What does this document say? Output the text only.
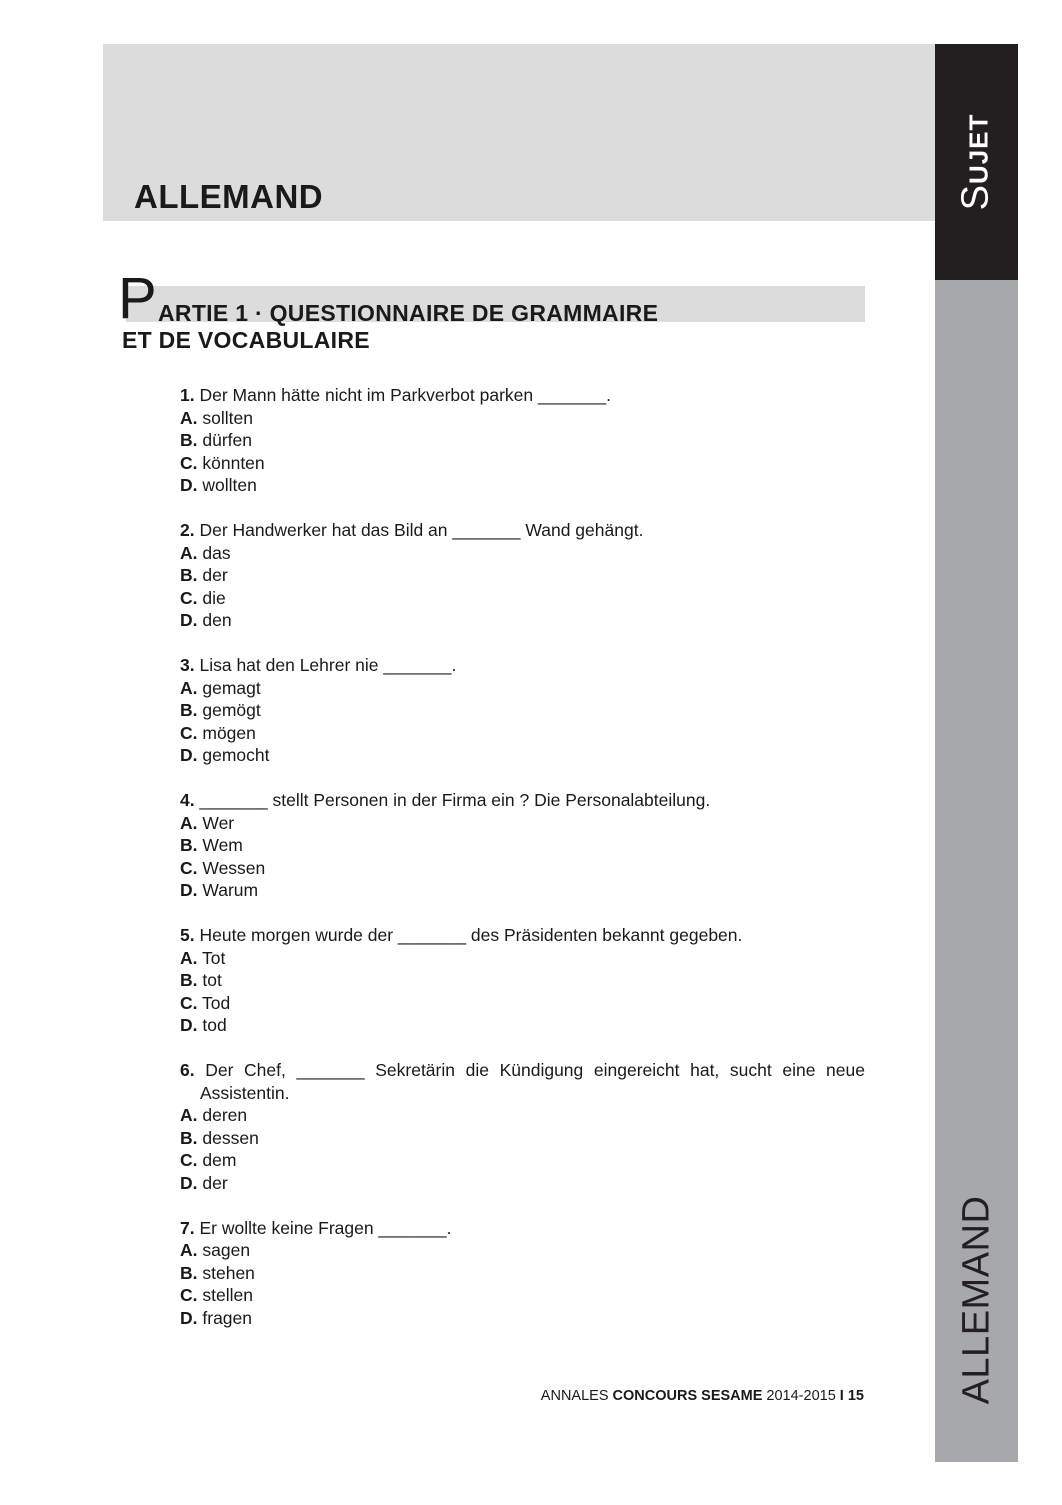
ALLEMAND	SUJET
ALLEMAND
P ARTIE 1 · QUESTIONNAIRE DE GRAMMAIRE
ET DE VOCABULAIRE
1. Der Mann hätte nicht im Parkverbot parken _______.
A. sollten
B. dürfen
C. könnten
D. wollten
2. Der Handwerker hat das Bild an _______ Wand gehängt.
A. das
B. der
C. die
D. den
3. Lisa hat den Lehrer nie _______.
A. gemagt
B. gemögt
C. mögen
D. gemocht
4. _______ stellt Personen in der Firma ein ? Die Personalabteilung.
A. Wer
B. Wem
C. Wessen
D. Warum
5. Heute morgen wurde der _______ des Präsidenten bekannt gegeben.
A. Tot
B. tot
C. Tod
D. tod
6. Der Chef, _______ Sekretärin die Kündigung eingereicht hat, sucht eine neue Assistentin.
A. deren
B. dessen
C. dem
D. der
7. Er wollte keine Fragen _______.
A. sagen
B. stehen
C. stellen
D. fragen
ANNALES CONCOURS SESAME 2014-2015 I 15
